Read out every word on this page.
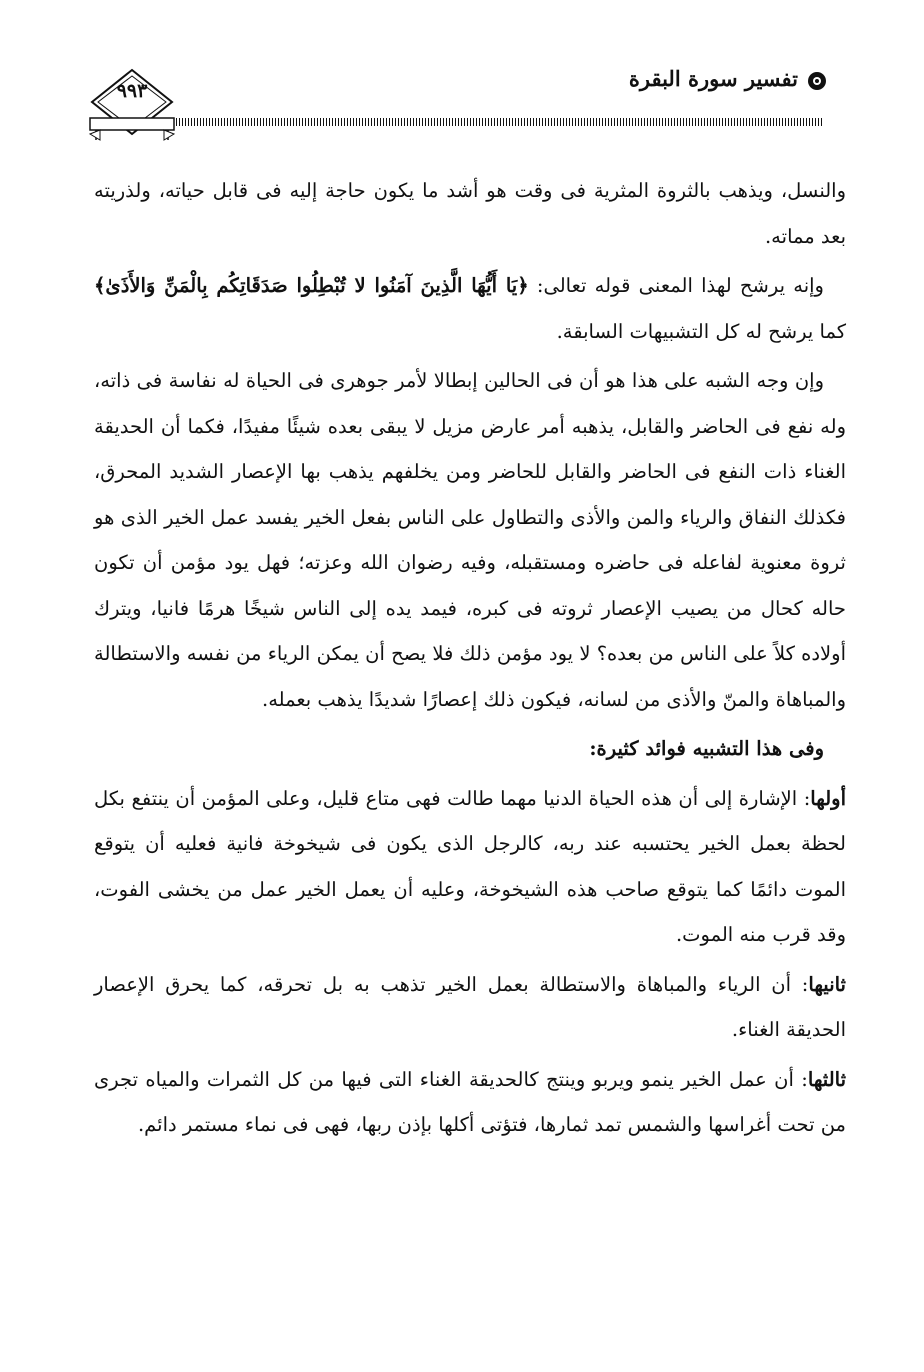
تفسير سورة البقرة
٩٩٣

والنسل، ويذهب بالثروة المثرية فى وقت هو أشد ما يكون حاجة إليه فى قابل حياته، ولذريته بعد مماته.

وإنه يرشح لهذا المعنى قوله تعالى: ﴿يَا أَيُّهَا الَّذِينَ آمَنُوا لا تُبْطِلُوا صَدَقَاتِكُم بِالْمَنِّ وَالأَذَىٰ﴾ كما يرشح له كل التشبيهات السابقة.

وإن وجه الشبه على هذا هو أن فى الحالين إبطالا لأمر جوهرى فى الحياة له نفاسة فى ذاته، وله نفع فى الحاضر والقابل، يذهبه أمر عارض مزيل لا يبقى بعده شيئًا مفيدًا، فكما أن الحديقة الغناء ذات النفع فى الحاضر والقابل للحاضر ومن يخلفهم يذهب بها الإعصار الشديد المحرق، فكذلك النفاق والرياء والمن والأذى والتطاول على الناس بفعل الخير يفسد عمل الخير الذى هو ثروة معنوية لفاعله فى حاضره ومستقبله، وفيه رضوان الله وعزته؛ فهل يود مؤمن أن تكون حاله كحال من يصيب الإعصار ثروته فى كبره، فيمد يده إلى الناس شيخًا هرمًا فانيا، ويترك أولاده كلاً على الناس من بعده؟ لا يود مؤمن ذلك فلا يصح أن يمكن الرياء من نفسه والاستطالة والمباهاة والمنّ والأذى من لسانه، فيكون ذلك إعصارًا شديدًا يذهب بعمله.

وفى هذا التشبيه فوائد كثيرة:

أولها: الإشارة إلى أن هذه الحياة الدنيا مهما طالت فهى متاع قليل، وعلى المؤمن أن ينتفع بكل لحظة بعمل الخير يحتسبه عند ربه، كالرجل الذى يكون فى شيخوخة فانية فعليه أن يتوقع الموت دائمًا كما يتوقع صاحب هذه الشيخوخة، وعليه أن يعمل الخير عمل من يخشى الفوت، وقد قرب منه الموت.

ثانيها: أن الرياء والمباهاة والاستطالة بعمل الخير تذهب به بل تحرقه، كما يحرق الإعصار الحديقة الغناء.

ثالثها: أن عمل الخير ينمو ويربو وينتج كالحديقة الغناء التى فيها من كل الثمرات والمياه تجرى من تحت أغراسها والشمس تمد ثمارها، فتؤتى أكلها بإذن ربها، فهى فى نماء مستمر دائم.
